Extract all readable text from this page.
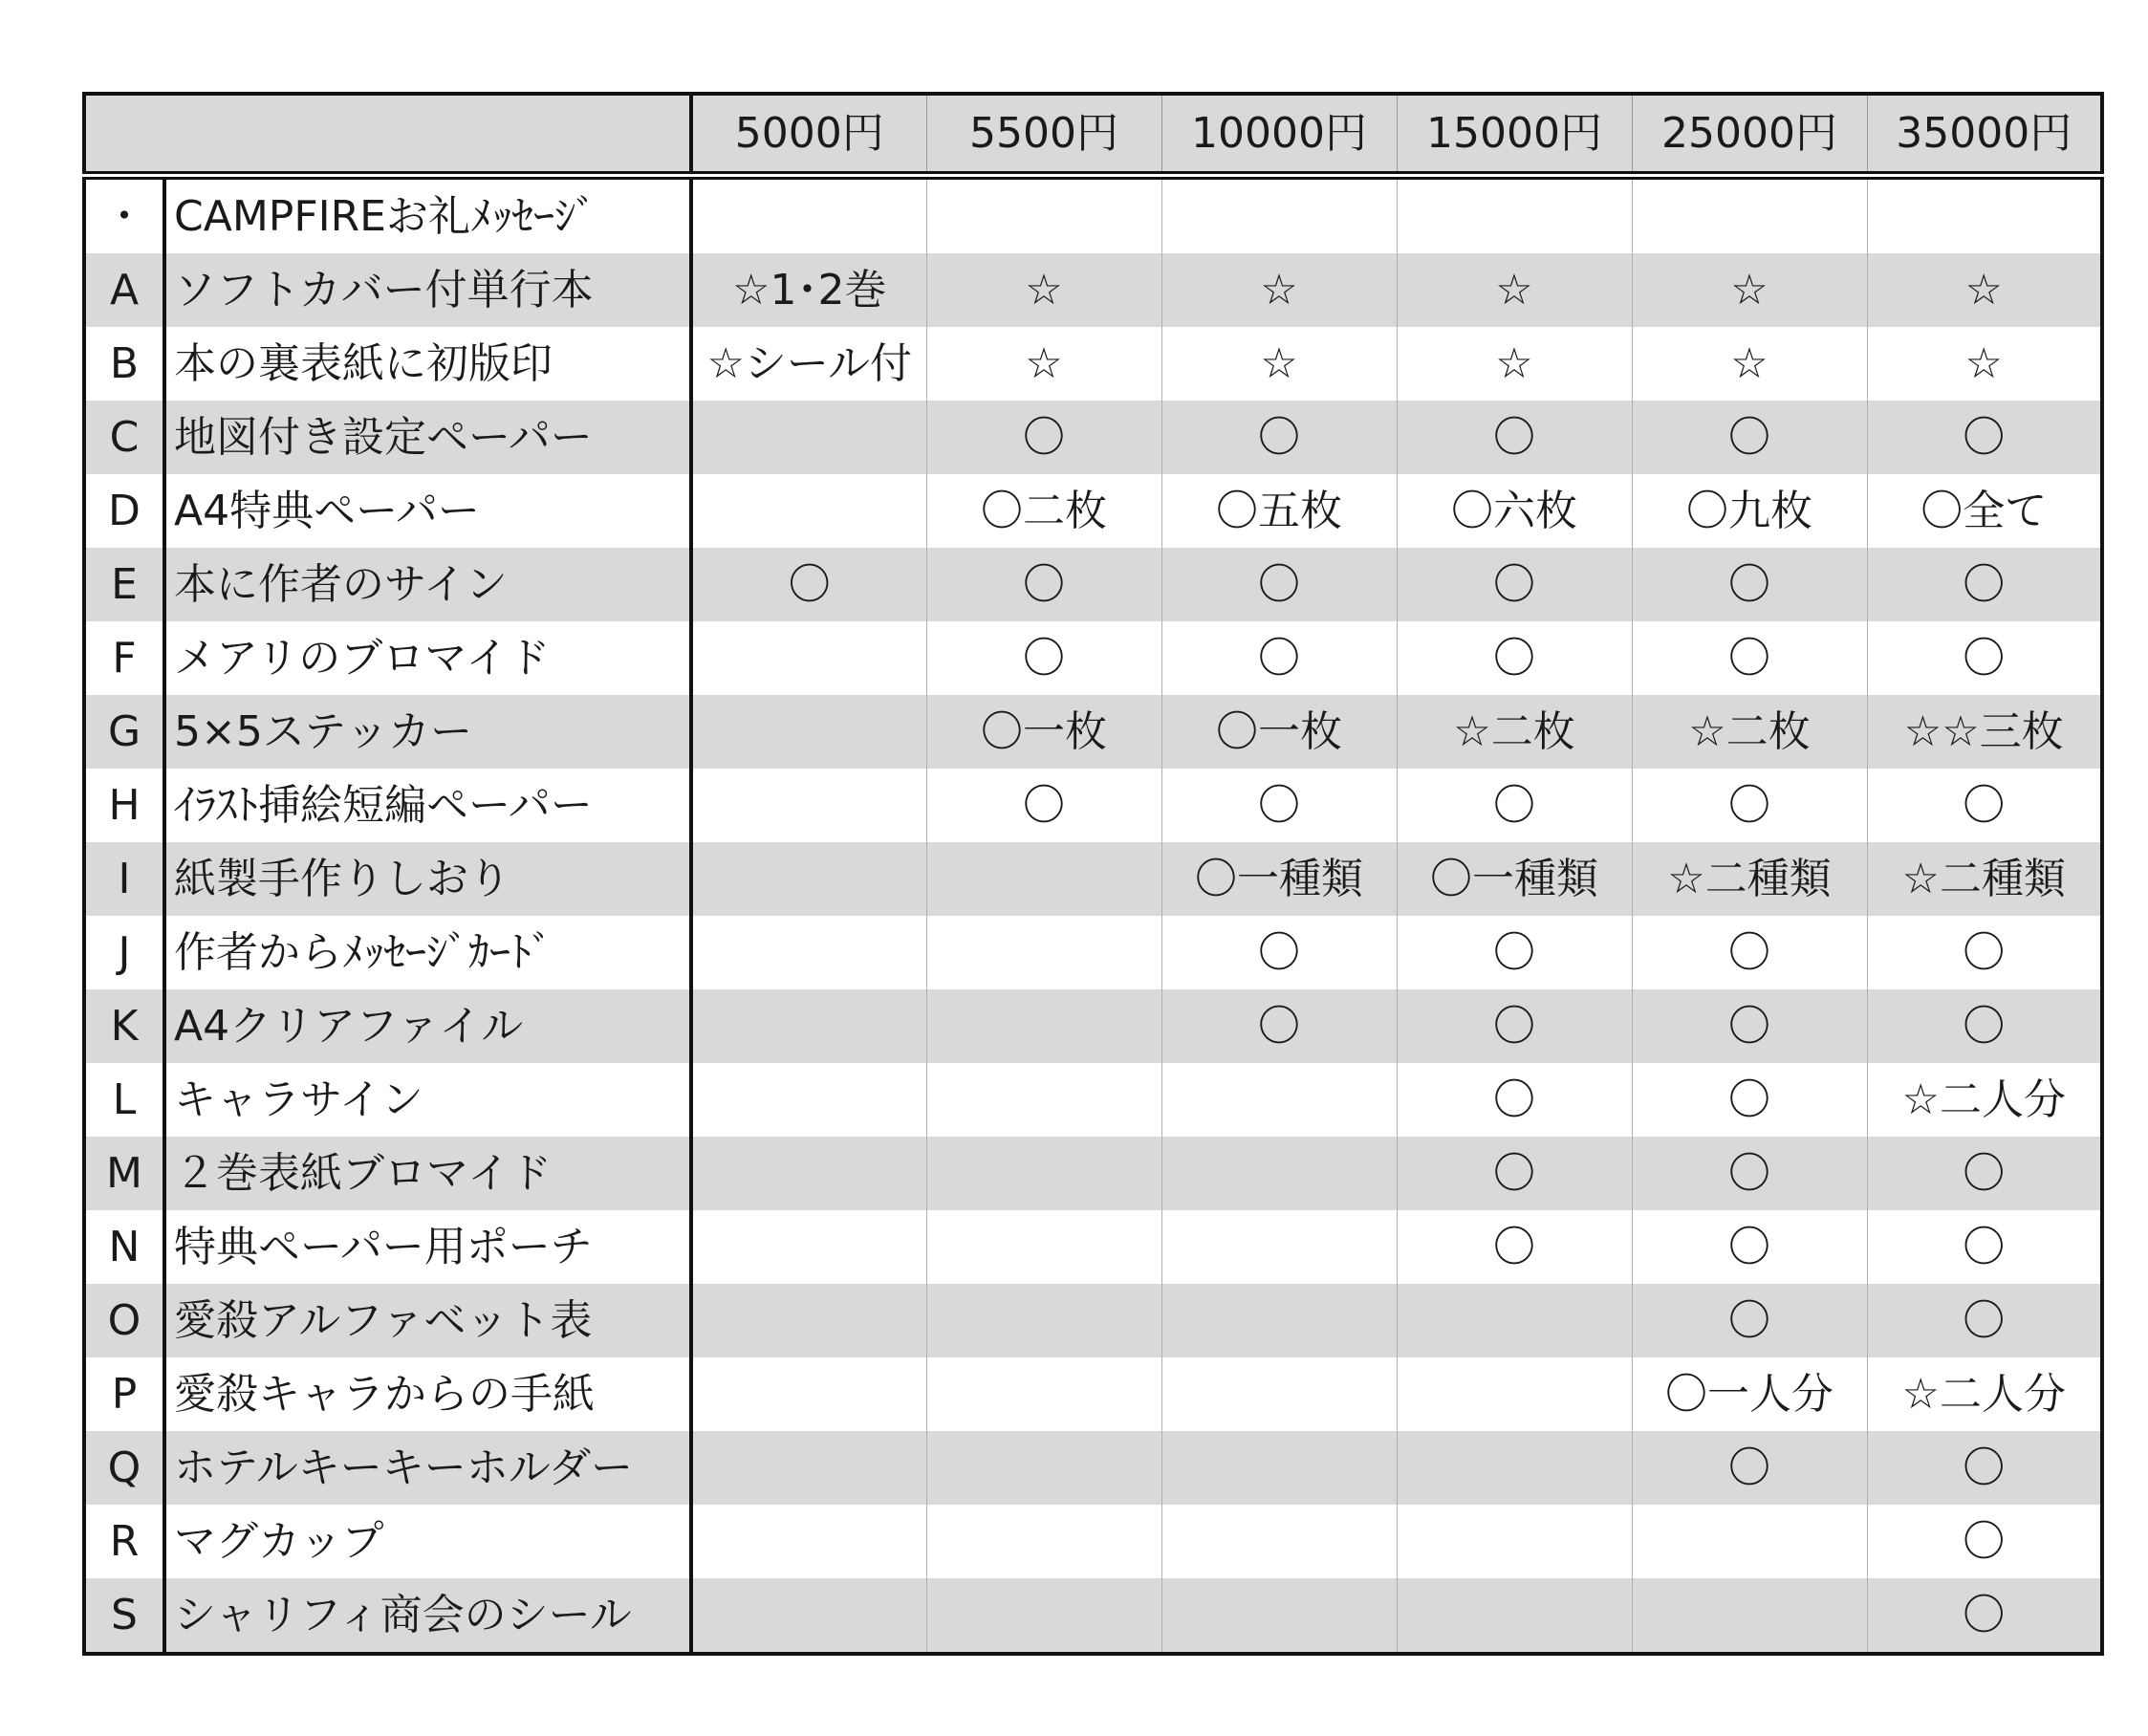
		5000円	5500円	10000円	15000円	25000円	35000円
・	CAMPFIREお礼ﾒｯｾｰｼﾞ						
A	ソフトカバー付単行本	☆1･2巻	☆	☆	☆	☆	☆
B	本の裏表紙に初版印	☆シール付	☆	☆	☆	☆	☆
C	地図付き設定ペーパー		〇	〇	〇	〇	〇
D	A4特典ペーパー		〇二枚	〇五枚	〇六枚	〇九枚	〇全て
E	本に作者のサイン	〇	〇	〇	〇	〇	〇
F	メアリのブロマイド		〇	〇	〇	〇	〇
G	5×5ステッカー		〇一枚	〇一枚	☆二枚	☆二枚	☆☆三枚
H	ｲﾗｽﾄ挿絵短編ペーパー		〇	〇	〇	〇	〇
I	紙製手作りしおり			〇一種類	〇一種類	☆二種類	☆二種類
J	作者からﾒｯｾｰｼﾞｶｰﾄﾞ			〇	〇	〇	〇
K	A4クリアファイル			〇	〇	〇	〇
L	キャラサイン				〇	〇	☆二人分
M	２巻表紙ブロマイド				〇	〇	〇
N	特典ペーパー用ポーチ				〇	〇	〇
O	愛殺アルファベット表					〇	〇
P	愛殺キャラからの手紙					〇一人分	☆二人分
Q	ホテルキーキーホルダー					〇	〇
R	マグカップ						〇
S	シャリフィ商会のシール						〇
